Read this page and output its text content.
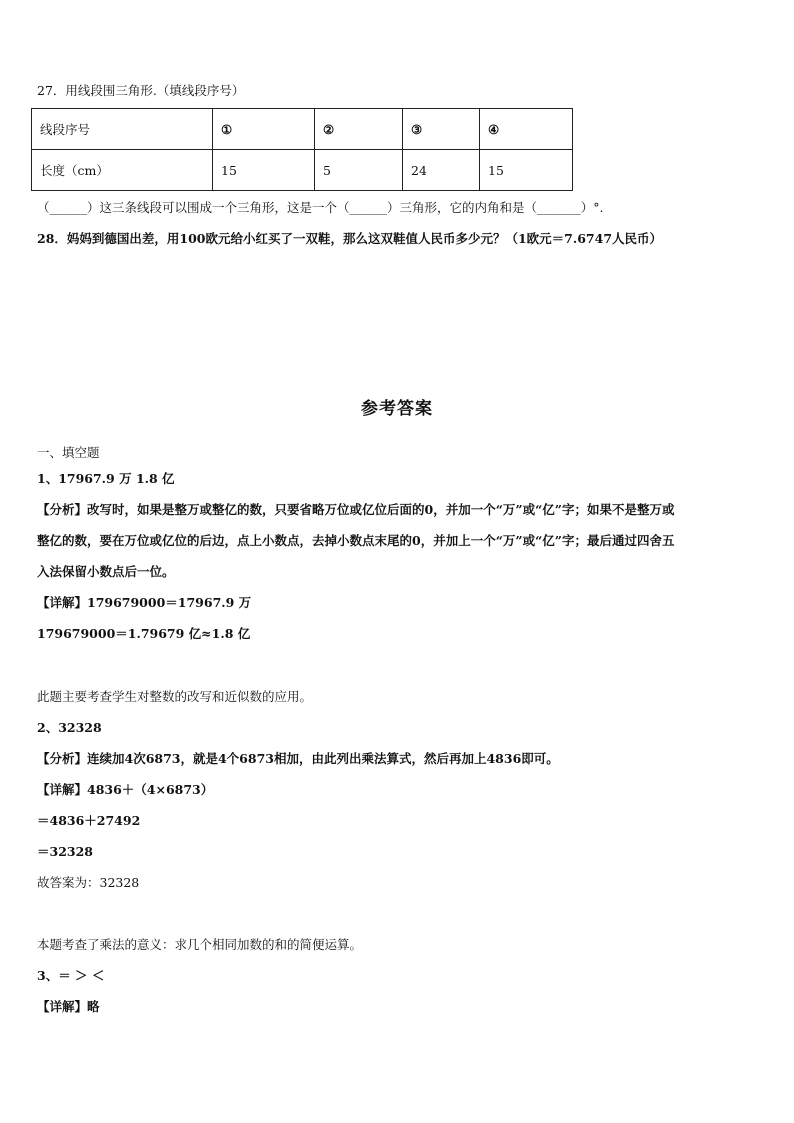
27．用线段围三角形.（填线段序号）
线段序号	①	②	③	④
长度（cm）	15	5	24	15
（______）这三条线段可以围成一个三角形，这是一个（______）三角形，它的内角和是（_______）°.
28．妈妈到德国出差，用100欧元给小红买了一双鞋，那么这双鞋值人民币多少元？（1欧元＝7.6747人民币）
参考答案
一、填空题
1、17967.9 万 1.8 亿
【分析】改写时，如果是整万或整亿的数，只要省略万位或亿位后面的0，并加一个“万”或“亿”字；如果不是整万或
整亿的数，要在万位或亿位的后边，点上小数点，去掉小数点末尾的0，并加上一个“万”或“亿”字；最后通过四舍五
入法保留小数点后一位。
【详解】179679000＝17967.9 万
179679000＝1.79679 亿≈1.8 亿
此题主要考查学生对整数的改写和近似数的应用。
2、32328
【分析】连续加4次6873，就是4个6873相加，由此列出乘法算式，然后再加上4836即可。
【详解】4836＋（4×6873）
＝4836＋27492
＝32328
故答案为：32328
本题考查了乘法的意义：求几个相同加数的和的简便运算。
3、＝ ＞ ＜
【详解】略
